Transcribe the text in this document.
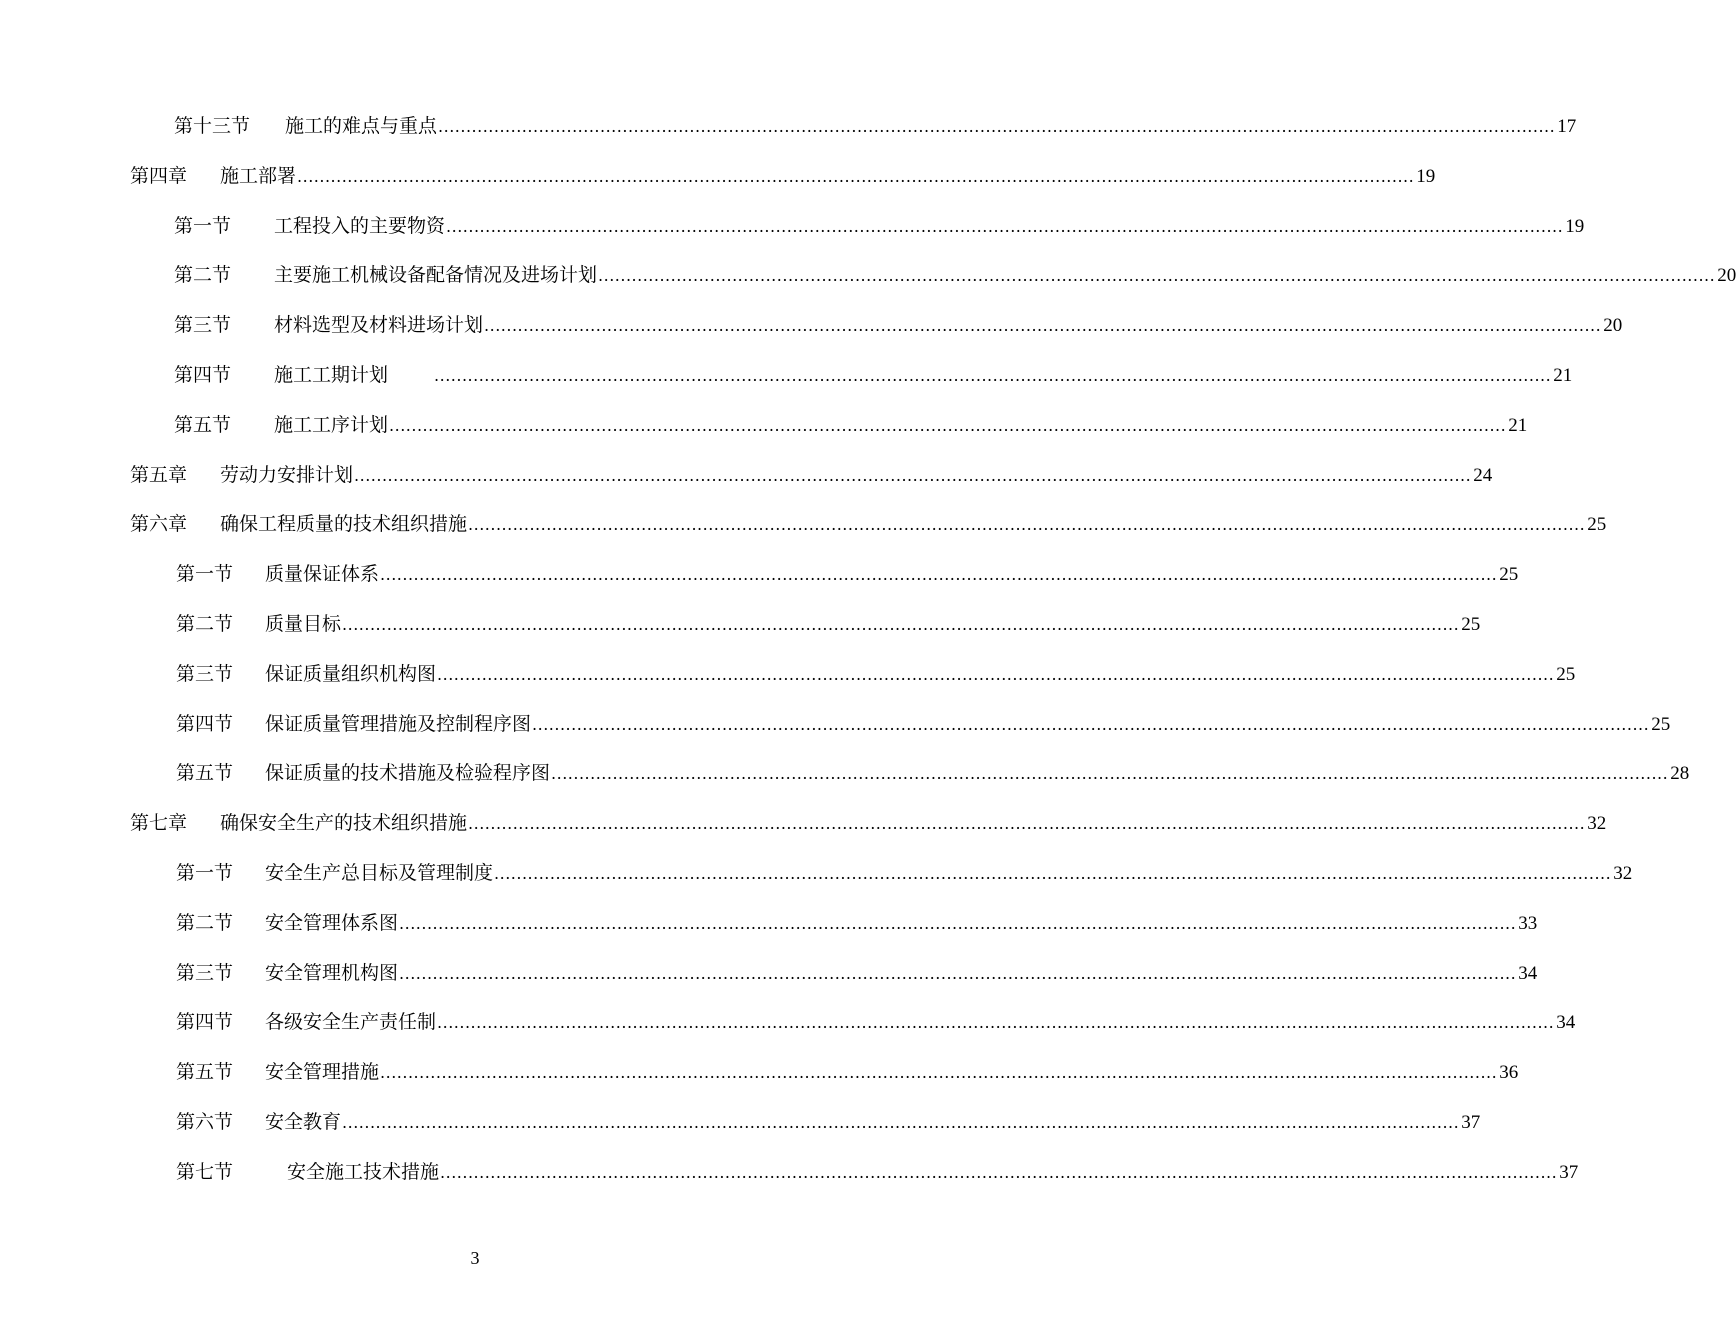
第十三节 施工的难点与重点 ........................................................................................................................................................................................................ 17
第四章 施工部署 ........................................................................................................................................................................................................ 19
第一节 工程投入的主要物资 ........................................................................................................................................................................................................ 19
第二节 主要施工机械设备配备情况及进场计划 ........................................................................................................................................................................................................ 20
第三节 材料选型及材料进场计划 ........................................................................................................................................................................................................ 20
第四节 施工工期计划	........................................................................................................................................................................................................ 21
第五节 施工工序计划 ........................................................................................................................................................................................................ 21
第五章 劳动力安排计划 ........................................................................................................................................................................................................ 24
第六章 确保工程质量的技术组织措施 ........................................................................................................................................................................................................ 25
第一节 质量保证体系 ........................................................................................................................................................................................................ 25
第二节 质量目标 ........................................................................................................................................................................................................ 25
第三节 保证质量组织机构图 ........................................................................................................................................................................................................ 25
第四节 保证质量管理措施及控制程序图 ........................................................................................................................................................................................................ 25
第五节 保证质量的技术措施及检验程序图 ........................................................................................................................................................................................................ 28
第七章 确保安全生产的技术组织措施 ........................................................................................................................................................................................................ 32
第一节 安全生产总目标及管理制度 ........................................................................................................................................................................................................ 32
第二节 安全管理体系图 ........................................................................................................................................................................................................ 33
第三节 安全管理机构图 ........................................................................................................................................................................................................ 34
第四节 各级安全生产责任制 ........................................................................................................................................................................................................ 34
第五节 安全管理措施 ........................................................................................................................................................................................................ 36
第六节 安全教育 ........................................................................................................................................................................................................ 37
第七节	安全施工技术措施 ........................................................................................................................................................................................................ 37
3
